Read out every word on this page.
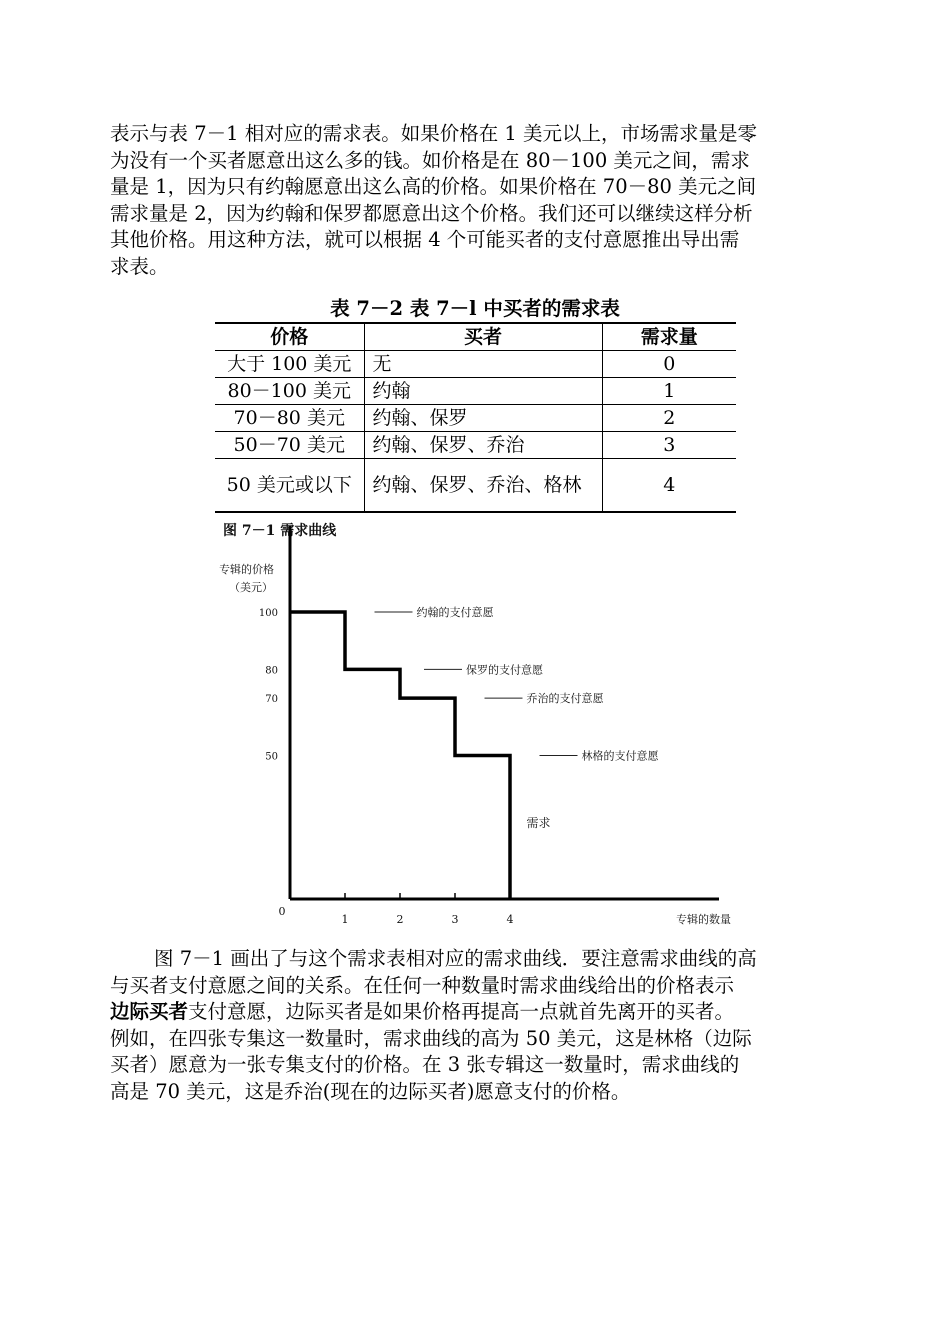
表示与表 7－1 相对应的需求表。如果价格在 1 美元以上，市场需求量是零
为没有一个买者愿意出这么多的钱。如价格是在 80－100 美元之间，需求
量是 1，因为只有约翰愿意出这么高的价格。如果价格在 70－80 美元之间
需求量是 2，因为约翰和保罗都愿意出这个价格。我们还可以继续这样分析
其他价格。用这种方法，就可以根据 4 个可能买者的支付意愿推出导出需
求表。
表 7－2 表 7－l 中买者的需求表
价格	买者	需求量
大于 100 美元	无	0
80－100 美元	约翰	1
70－80 美元	约翰、保罗	2
50－70 美元	约翰、保罗、乔治	3
50 美元或以下	约翰、保罗、乔治、格林	4
图 7－1 需求曲线
专辑的价格
（美元）
0
专辑的数量
1	2	3	4
100
80
70
50
约翰的支付意愿
保罗的支付意愿
乔治的支付意愿
林格的支付意愿
需求
图 7－1 画出了与这个需求表相对应的需求曲线．要注意需求曲线的高
与买者支付意愿之间的关系。在任何一种数量时需求曲线给出的价格表示
边际买者支付意愿，边际买者是如果价格再提高一点就首先离开的买者。
例如，在四张专集这一数量时，需求曲线的高为 50 美元，这是林格（边际
买者）愿意为一张专集支付的价格。在 3 张专辑这一数量时，需求曲线的
高是 70 美元，这是乔治(现在的边际买者)愿意支付的价格。
